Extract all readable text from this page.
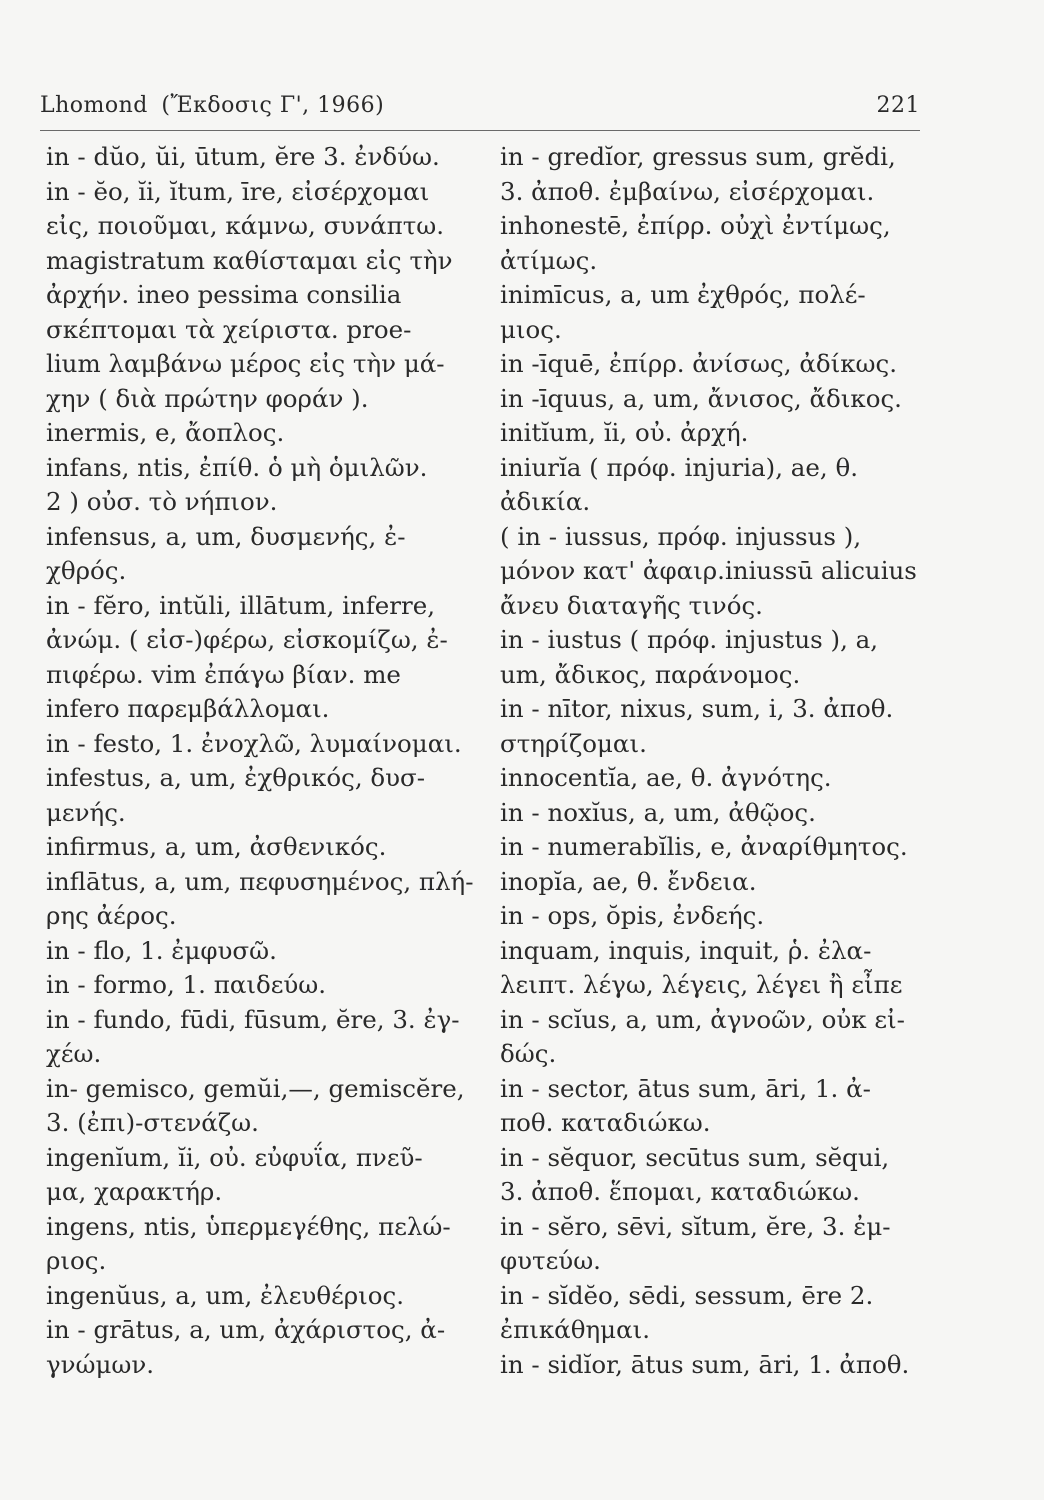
Lhomond (Ἔκδοσις Γ', 1966)	221
in - dŭo, ŭi, ūtum, ĕre 3. ἐνδύω.
in - ĕo, ĭi, ĭtum, īre, εἰσέρχομαι
εἰς, ποιοῦμαι, κάμνω, συνάπτω.
magistratum καθίσταμαι εἰς τὴν
ἀρχήν. ineo pessima consilia
σκέπτομαι τὰ χείριστα. proe-
lium λαμβάνω μέρος εἰς τὴν μά-
χην ( διὰ πρώτην φοράν ).
inermis, e, ἄοπλος.
infans, ntis, ἐπίθ. ὁ μὴ ὁμιλῶν.
2 ) οὐσ. τὸ νήπιον.
infensus, a, um, δυσμενής, ἐ-
χθρός.
in - fĕro, intŭli, illātum, inferre,
ἀνώμ. ( εἰσ-)φέρω, εἰσκομίζω, ἐ-
πιφέρω. vim ἐπάγω βίαν. me
infero παρεμβάλλομαι.
in - festo, 1. ἐνοχλῶ, λυμαίνομαι.
infestus, a, um, ἐχθρικός, δυσ-
μενής.
infirmus, a, um, ἀσθενικός.
inflātus, a, um, πεφυσημένος, πλή-
ρης ἀέρος.
in - flo, 1. ἐμφυσῶ.
in - formo, 1. παιδεύω.
in - fundo, fūdi, fūsum, ĕre, 3. ἐγ-
χέω.
in- gemisco, gemŭi,—, gemiscĕre,
3. (ἐπι)-στενάζω.
ingenĭum, ĭi, οὐ. εὐφυΐα, πνεῦ-
μα, χαρακτήρ.
ingens, ntis, ὑπερμεγέθης, πελώ-
ριος.
ingenŭus, a, um, ἐλευθέριος.
in - grātus, a, um, ἀχάριστος, ἀ-
γνώμων.
in - gredĭor, gressus sum, grĕdi,
3. ἀποθ. ἐμβαίνω, εἰσέρχομαι.
inhonestē, ἐπίρρ. οὐχὶ ἐντίμως,
ἀτίμως.
inimīcus, a, um ἐχθρός, πολέ-
μιος.
in -īquē, ἐπίρρ. ἀνίσως, ἀδίκως.
in -īquus, a, um, ἄνισος, ἄδικος.
initĭum, ĭi, οὐ. ἀρχή.
iniurĭa ( πρόφ. injuria), ae, θ.
ἀδικία.
( in - iussus, πρόφ. injussus ),
μόνον κατ' ἀφαιρ.iniussū alicuius
ἄνευ διαταγῆς τινός.
in - iustus ( πρόφ. injustus ), a,
um, ἄδικος, παράνομος.
in - nītor, nixus, sum, i, 3. ἀποθ.
στηρίζομαι.
innocentĭa, ae, θ. ἀγνότης.
in - noxĭus, a, um, ἀθῷος.
in - numerabĭlis, e, ἀναρίθμητος.
inopĭa, ae, θ. ἔνδεια.
in - ops, ŏpis, ἐνδεής.
inquam, inquis, inquit, ῥ. ἐλα-
λειπτ. λέγω, λέγεις, λέγει ἢ εἶπε
in - scĭus, a, um, ἀγνοῶν, οὐκ εἰ-
δώς.
in - sector, ātus sum, āri, 1. ἀ-
ποθ. καταδιώκω.
in - sĕquor, secūtus sum, sĕqui,
3. ἀποθ. ἕπομαι, καταδιώκω.
in - sĕro, sēvi, sĭtum, ĕre, 3. ἐμ-
φυτεύω.
in - sĭdĕo, sēdi, sessum, ēre 2.
ἐπικάθημαι.
in - sidĭor, ātus sum, āri, 1. ἀποθ.
